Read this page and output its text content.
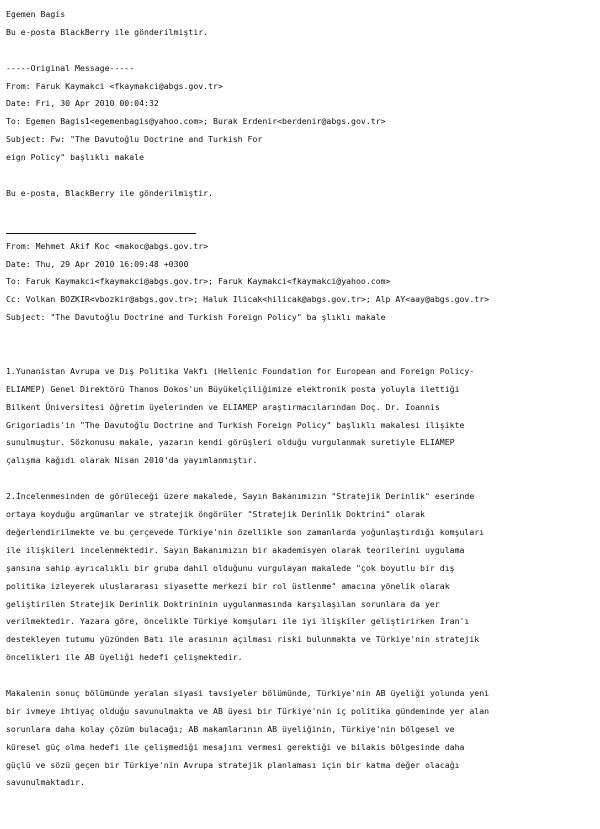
Egemen Bagis
Bu e-posta BlackBerry ile gönderilmiştir.
-----Original Message-----
From: Faruk Kaymakci <fkaymakci@abgs.gov.tr>
Date: Fri, 30 Apr 2010 00:04:32
To: Egemen Bagis1<egemenbagis@yahoo.com>; Burak Erdenir<berdenir@abgs.gov.tr>
Subject: Fw: "The Davutoğlu Doctrine and Turkish For
eign Policy" başlıklı makale
Bu e-posta, BlackBerry ile gönderilmiştir.
From: Mehmet Akif Koc <makoc@abgs.gov.tr>
Date: Thu, 29 Apr 2010 16:09:48 +0300
To: Faruk Kaymakci<fkaymakci@abgs.gov.tr>; Faruk Kaymakci<fkaymakci@yahoo.com>
Cc: Volkan BOZKIR<vbozkir@abgs.gov.tr>; Haluk Ilicak<hilicak@abgs.gov.tr>; Alp AY<aay@abgs.gov.tr>
Subject: "The Davutoğlu Doctrine and Turkish Foreign Policy" ba şlıklı makale
1.Yunanistan Avrupa ve Dış Politika Vakfı (Hellenic Foundation for European and Foreign Policy-
ELIAMEP) Genel Direktörü Thanos Dokos'un Büyükelçiliğimize elektronik posta yoluyla ilettiği
Bilkent Üniversitesi öğretim üyelerinden ve ELIAMEP araştırmacılarından Doç. Dr. Ioannis
Grigoriadis'in "The Davutoğlu Doctrine and Turkish Foreign Policy" başlıklı makalesi ilişikte
sunulmuştur. Sözkonusu makale, yazarın kendi görüşleri olduğu vurgulanmak suretiyle ELIAMEP
çalışma kağıdı olarak Nisan 2010'da yayımlanmıştır.
2.İncelenmesinden de görüleceği üzere makalede, Sayın Bakanımızın "Stratejik Derinlik" eserinde
ortaya koyduğu argümanlar ve stratejik öngörüler "Stratejik Derinlik Doktrini" olarak
değerlendirilmekte ve bu çerçevede Türkiye'nin özellikle son zamanlarda yoğunlaştırdığı komşuları
ile ilişkileri incelenmektedir. Sayın Bakanımızın bir akademisyen olarak teorilerini uygulama
şansına sahip ayrıcalıklı bir gruba dahil olduğunu vurgulayan makalede "çok boyutlu bir dış
politika izleyerek uluslararası siyasette merkezi bir rol üstlenme" amacına yönelik olarak
geliştirilen Stratejik Derinlik Doktrininin uygulanmasında karşılaşılan sorunlara da yer
verilmektedir. Yazara göre, öncelikle Türkiye komşuları ile iyi ilişkiler geliştirirken İran'ı
destekleyen tutumu yüzünden Batı ile arasının açılması riski bulunmakta ve Türkiye'nin stratejik
öncelikleri ile AB üyeliği hedefi çelişmektedir.
Makalenin sonuç bölümünde yeralan siyasi tavsiyeler bölümünde, Türkiye'nin AB üyeliği yolunda yeni
bir ivmeye ihtiyaç olduğu savunulmakta ve AB üyesi bir Türkiye'nin iç politika gündeminde yer alan
sorunlara daha kolay çözüm bulacağı; AB makamlarının AB üyeliğinin, Türkiye'nin bölgesel ve
küresel güç olma hedefi ile çelişmediği mesajını vermesi gerektiği ve bilakis bölgesinde daha
güçlü ve sözü geçen bir Türkiye'nin Avrupa stratejik planlaması için bir katma değer olacağı
savunulmaktadır.
